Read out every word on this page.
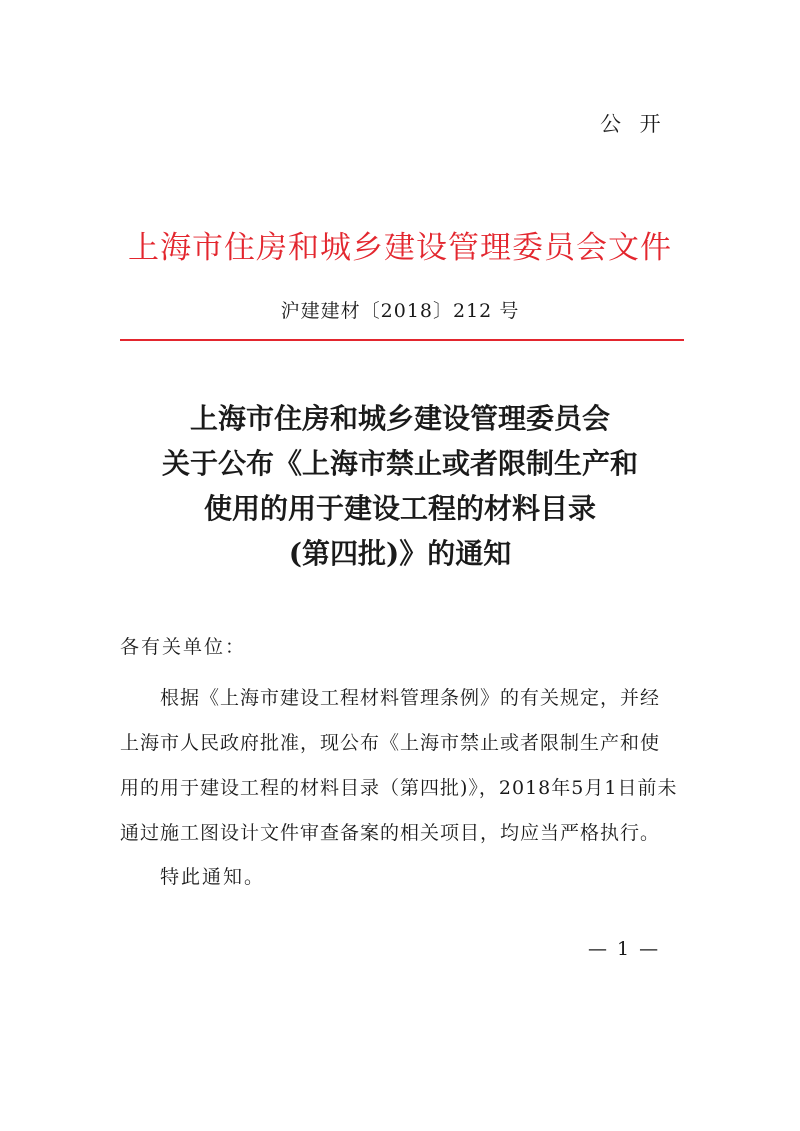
公 开
上海市住房和城乡建设管理委员会文件
沪建建材〔2018〕212 号
上海市住房和城乡建设管理委员会
关于公布《上海市禁止或者限制生产和
使用的用于建设工程的材料目录
(第四批)》的通知
各有关单位：
根据《上海市建设工程材料管理条例》的有关规定，并经
上海市人民政府批准，现公布《上海市禁止或者限制生产和使
用的用于建设工程的材料目录（第四批)》，2018年5月1日前未
通过施工图设计文件审查备案的相关项目，均应当严格执行。
特此通知。
— 1 —
